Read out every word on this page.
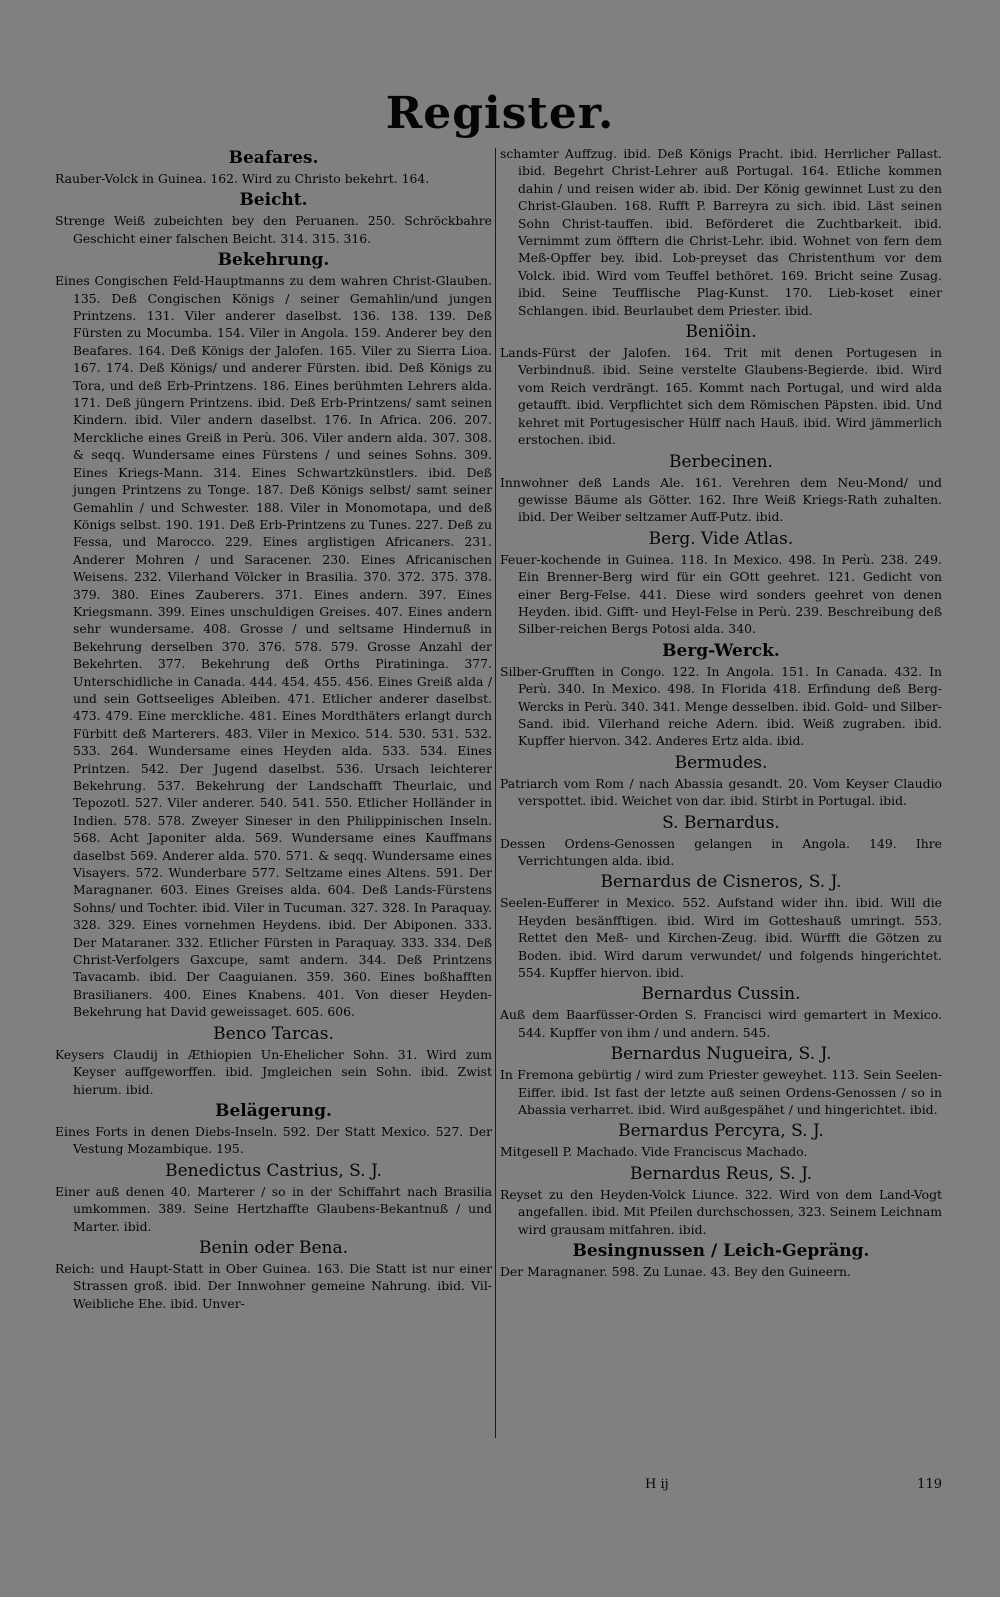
Register.
Beafares.

Rauber-Volck in Guinea. 162. Wird zu Christo bekehrt. 164.

Beicht.

Strenge Weiß zubeichten bey den Peruanen. 250. Schröckbahre Geschicht einer falschen Beicht. 314. 315. 316.

Bekehrung.

Eines Congischen Feld-Hauptmanns zu dem wahren Christ-Glauben. 135. Deß Congischen Königs / seiner Gemahlin/und jungen Printzens. 131. Viler anderer daselbst. 136. 138. 139. Deß Fürsten zu Mocumba. 154. Viler in Angola. 159. Anderer bey den Beafares. 164. Deß Königs der Jalofen. 165. Viler zu Sierra Lioa. 167. 174. Deß Königs/ und anderer Fürsten. ibid. Deß Königs zu Tora, und deß Erb-Printzens. 186. Eines berühmten Lehrers alda. 171. Deß jüngern Printzens. ibid. Deß Erb-Printzens/ samt seinen Kindern. ibid. Viler andern daselbst. 176. In Africa. 206. 207. Merckliche eines Greiß in Perù. 306. Viler andern alda. 307. 308. & seqq. Wundersame eines Fürstens / und seines Sohns. 309. Eines Kriegs-Mann. 314. Eines Schwartzkünstlers. ibid. Deß jungen Printzens zu Tonge. 187. Deß Königs selbst/ samt seiner Gemahlin / und Schwester. 188. Viler in Monomotapa, und deß Königs selbst. 190. 191. Deß Erb-Printzens zu Tunes. 227. Deß zu Fessa, und Marocco. 229. Eines arglistigen Africaners. 231. Anderer Mohren / und Saracener. 230. Eines Africanischen Weisens. 232. Vilerhand Völcker in Brasilia. 370. 372. 375. 378. 379. 380. Eines Zauberers. 371. Eines andern. 397. Eines Kriegsmann. 399. Eines unschuldigen Greises. 407. Eines andern sehr wundersame. 408. Grosse / und seltsame Hindernuß in Bekehrung derselben 370. 376. 578. 579. Grosse Anzahl der Bekehrten. 377. Bekehrung deß Orths Piratininga. 377. Unterschidliche in Canada. 444. 454. 455. 456. Eines Greiß alda / und sein Gottseeliges Ableiben. 471. Etlicher anderer daselbst. 473. 479. Eine merckliche. 481. Eines Mordthäters erlangt durch Fürbitt deß Marterers. 483. Viler in Mexico. 514. 530. 531. 532. 533. 264. Wundersame eines Heyden alda. 533. 534. Eines Printzen. 542. Der Jugend daselbst. 536. Ursach leichterer Bekehrung. 537. Bekehrung der Landschafft Theurlaic, und Tepozotl. 527. Viler anderer. 540. 541. 550. Etlicher Holländer in Indien. 578. 578. Zweyer Sineser in den Philippinischen Inseln. 568. Acht Japoniter alda. 569. Wundersame eines Kauffmans daselbst 569. Anderer alda. 570. 571. & seqq. Wundersame eines Visayers. 572. Wunderbare 577. Seltzame eines Altens. 591. Der Maragnaner. 603. Eines Greises alda. 604. Deß Lands-Fürstens Sohns/ und Tochter. ibid. Viler in Tucuman. 327. 328. In Paraquay. 328. 329. Eines vornehmen Heydens. ibid. Der Abiponen. 333. Der Mataraner. 332. Etlicher Fürsten in Paraquay. 333. 334. Deß Christ-Verfolgers Gaxcupe, samt andern. 344. Deß Printzens Tavacamb. ibid. Der Caaguianen. 359. 360. Eines boßhafften Brasilianers. 400. Eines Knabens. 401. Von dieser Heyden-Bekehrung hat David geweissaget. 605. 606.

Benco Tarcas.

Keysers Claudij in Æthiopien Un-Ehelicher Sohn. 31. Wird zum Keyser auffgeworffen. ibid. Jmgleichen sein Sohn. ibid. Zwist hierum. ibid.

Belägerung.

Eines Forts in denen Diebs-Inseln. 592. Der Statt Mexico. 527. Der Vestung Mozambique. 195.

Benedictus Castrius, S. J.

Einer auß denen 40. Marterer / so in der Schiffahrt nach Brasilia umkommen. 389. Seine Hertzhaffte Glaubens-Bekantnuß / und Marter. ibid.

Benin oder Bena.

Reich: und Haupt-Statt in Ober Guinea. 163. Die Statt ist nur einer Strassen groß. ibid. Der Innwohner gemeine Nahrung. ibid. Vil-Weibliche Ehe. ibid. Unver-

schamter Auffzug. ibid. Deß Königs Pracht. ibid. Herrlicher Pallast. ibid. Begehrt Christ-Lehrer auß Portugal. 164. Etliche kommen dahin / und reisen wider ab. ibid. Der König gewinnet Lust zu den Christ-Glauben. 168. Rufft P. Barreyra zu sich. ibid. Läst seinen Sohn Christ-tauffen. ibid. Beförderet die Zuchtbarkeit. ibid. Vernimmt zum öfftern die Christ-Lehr. ibid. Wohnet von fern dem Meß-Opffer bey. ibid. Lob-preyset das Christenthum vor dem Volck. ibid. Wird vom Teuffel bethöret. 169. Bricht seine Zusag. ibid. Seine Teufflische Plag-Kunst. 170. Lieb-koset einer Schlangen. ibid. Beurlaubet dem Priester. ibid.

Beniöin.

Lands-Fürst der Jalofen. 164. Trit mit denen Portugesen in Verbindnuß. ibid. Seine verstelte Glaubens-Begierde. ibid. Wird vom Reich verdrängt. 165. Kommt nach Portugal, und wird alda getaufft. ibid. Verpflichtet sich dem Römischen Päpsten. ibid. Und kehret mit Portugesischer Hülff nach Hauß. ibid. Wird jämmerlich erstochen. ibid.

Berbecinen.

Innwohner deß Lands Ale. 161. Verehren dem Neu-Mond/ und gewisse Bäume als Götter. 162. Ihre Weiß Kriegs-Rath zuhalten. ibid. Der Weiber seltzamer Auff-Putz. ibid.

Berg. Vide Atlas.

Feuer-kochende in Guinea. 118. In Mexico. 498. In Perù. 238. 249. Ein Brenner-Berg wird für ein GOtt geehret. 121. Gedicht von einer Berg-Felse. 441. Diese wird sonders geehret von denen Heyden. ibid. Gifft- und Heyl-Felse in Perù. 239. Beschreibung deß Silber-reichen Bergs Potosi alda. 340.

Berg-Werck.

Silber-Grufften in Congo. 122. In Angola. 151. In Canada. 432. In Perù. 340. In Mexico. 498. In Florida 418. Erfindung deß Berg-Wercks in Perù. 340. 341. Menge desselben. ibid. Gold- und Silber-Sand. ibid. Vilerhand reiche Adern. ibid. Weiß zugraben. ibid. Kupffer hiervon. 342. Anderes Ertz alda. ibid.

Bermudes.

Patriarch vom Rom / nach Abassia gesandt. 20. Vom Keyser Claudio verspottet. ibid. Weichet von dar. ibid. Stirbt in Portugal. ibid.

S. Bernardus.

Dessen Ordens-Genossen gelangen in Angola. 149. Ihre Verrichtungen alda. ibid.

Bernardus de Cisneros, S. J.

Seelen-Eufferer in Mexico. 552. Aufstand wider ihn. ibid. Will die Heyden besänfftigen. ibid. Wird im Gotteshauß umringt. 553. Rettet den Meß- und Kirchen-Zeug. ibid. Würfft die Götzen zu Boden. ibid. Wird darum verwundet/ und folgends hingerichtet. 554. Kupffer hiervon. ibid.

Bernardus Cussin.

Auß dem Baarfüsser-Orden S. Francisci wird gemartert in Mexico. 544. Kupffer von ihm / und andern. 545.

Bernardus Nugueira, S. J.

In Fremona gebürtig / wird zum Priester geweyhet. 113. Sein Seelen-Eiffer. ibid. Ist fast der letzte auß seinen Ordens-Genossen / so in Abassia verharret. ibid. Wird außgespähet / und hingerichtet. ibid.

Bernardus Percyra, S. J.

Mitgesell P. Machado. Vide Franciscus Machado.

Bernardus Reus, S. J.

Reyset zu den Heyden-Volck Liunce. 322. Wird von dem Land-Vogt angefallen. ibid. Mit Pfeilen durchschossen, 323. Seinem Leichnam wird grausam mitfahren. ibid.

Besingnussen / Leich-Gepräng.

Der Maragnaner. 598. Zu Lunae. 43. Bey den Guineern.

H ij	119
